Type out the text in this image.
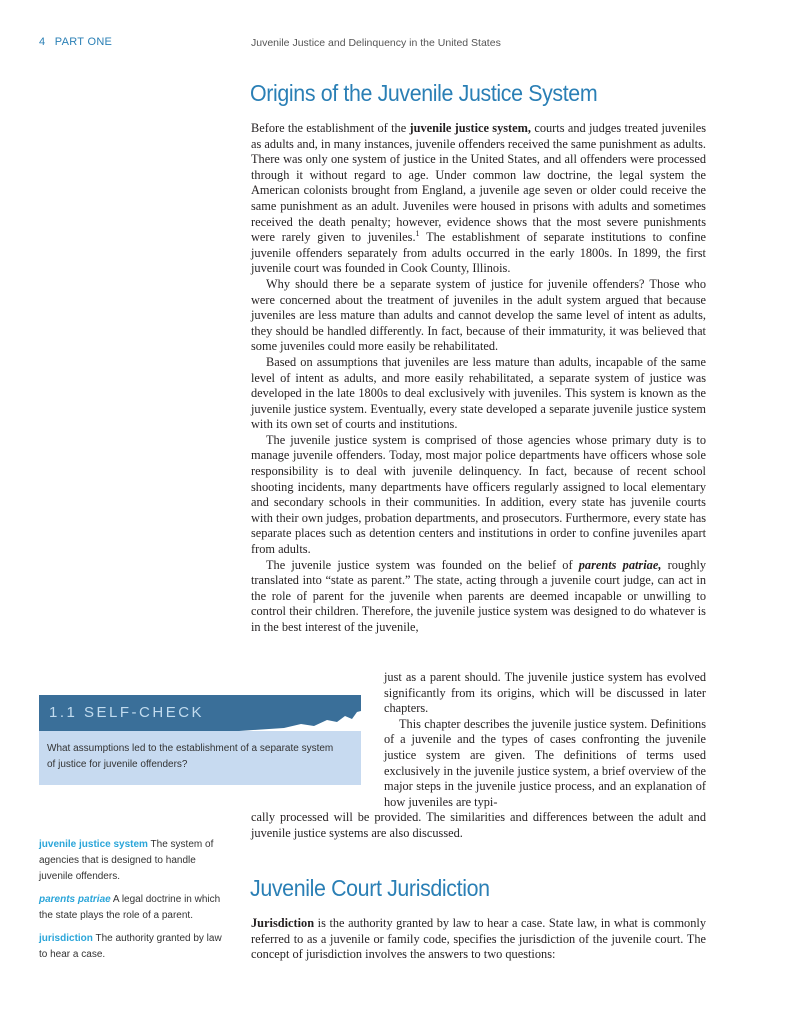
4 PART ONE	Juvenile Justice and Delinquency in the United States
Origins of the Juvenile Justice System

Before the establishment of the juvenile justice system, courts and judges treated juveniles as adults and, in many instances, juvenile offenders received the same punishment as adults. There was only one system of justice in the United States, and all offenders were processed through it without regard to age. Under common law doctrine, the legal system the American colonists brought from England, a juvenile age seven or older could receive the same punishment as an adult. Juveniles were housed in prisons with adults and sometimes received the death penalty; however, evidence shows that the most severe punishments were rarely given to juveniles.$^1$ The establishment of separate institutions to confine juvenile offenders separately from adults occurred in the early 1800s. In 1899, the first juvenile court was founded in Cook County, Illinois.

Why should there be a separate system of justice for juvenile offenders? Those who were concerned about the treatment of juveniles in the adult system argued that because juveniles are less mature than adults and cannot develop the same level of intent as adults, they should be handled differently. In fact, because of their immaturity, it was believed that some juveniles could more easily be rehabilitated.

Based on assumptions that juveniles are less mature than adults, incapable of the same level of intent as adults, and more easily rehabilitated, a separate system of justice was developed in the late 1800s to deal exclusively with juveniles. This system is known as the juvenile justice system. Eventually, every state developed a separate juvenile justice system with its own set of courts and institutions.

The juvenile justice system is comprised of those agencies whose primary duty is to manage juvenile offenders. Today, most major police departments have officers whose sole responsibility is to deal with juvenile delinquency. In fact, because of recent school shooting incidents, many departments have officers regularly assigned to local elementary and secondary schools in their communities. In addition, every state has juvenile courts with their own judges, probation departments, and prosecutors. Furthermore, every state has separate places such as detention centers and institutions in order to confine juveniles apart from adults.

The juvenile justice system was founded on the belief of parents patriae, roughly translated into “state as parent.” The state, acting through a juvenile court judge, can act in the role of parent for the juvenile when parents are deemed incapable or unwilling to control their children. Therefore, the juvenile justice system was designed to do whatever is in the best interest of the juvenile,

just as a parent should. The juvenile justice system has evolved significantly from its origins, which will be discussed in later chapters.

This chapter describes the juvenile justice system. Definitions of a juvenile and the types of cases confronting the juvenile justice system are given. The definitions of terms used exclusively in the juvenile justice system, a brief overview of the major steps in the juvenile justice process, and an explanation of how juveniles are typi-

cally processed will be provided. The similarities and differences between the adult and juvenile justice systems are also discussed.

1.1 SELF-CHECK
What assumptions led to the establishment of a separate system of justice for juvenile offenders?
juvenile justice system The system of agencies that is designed to handle juvenile offenders.
parents patriae A legal doctrine in which the state plays the role of a parent.
jurisdiction The authority granted by law to hear a case.
Juvenile Court Jurisdiction

Jurisdiction is the authority granted by law to hear a case. State law, in what is commonly referred to as a juvenile or family code, specifies the jurisdiction of the juvenile court. The concept of jurisdiction involves the answers to two questions:
